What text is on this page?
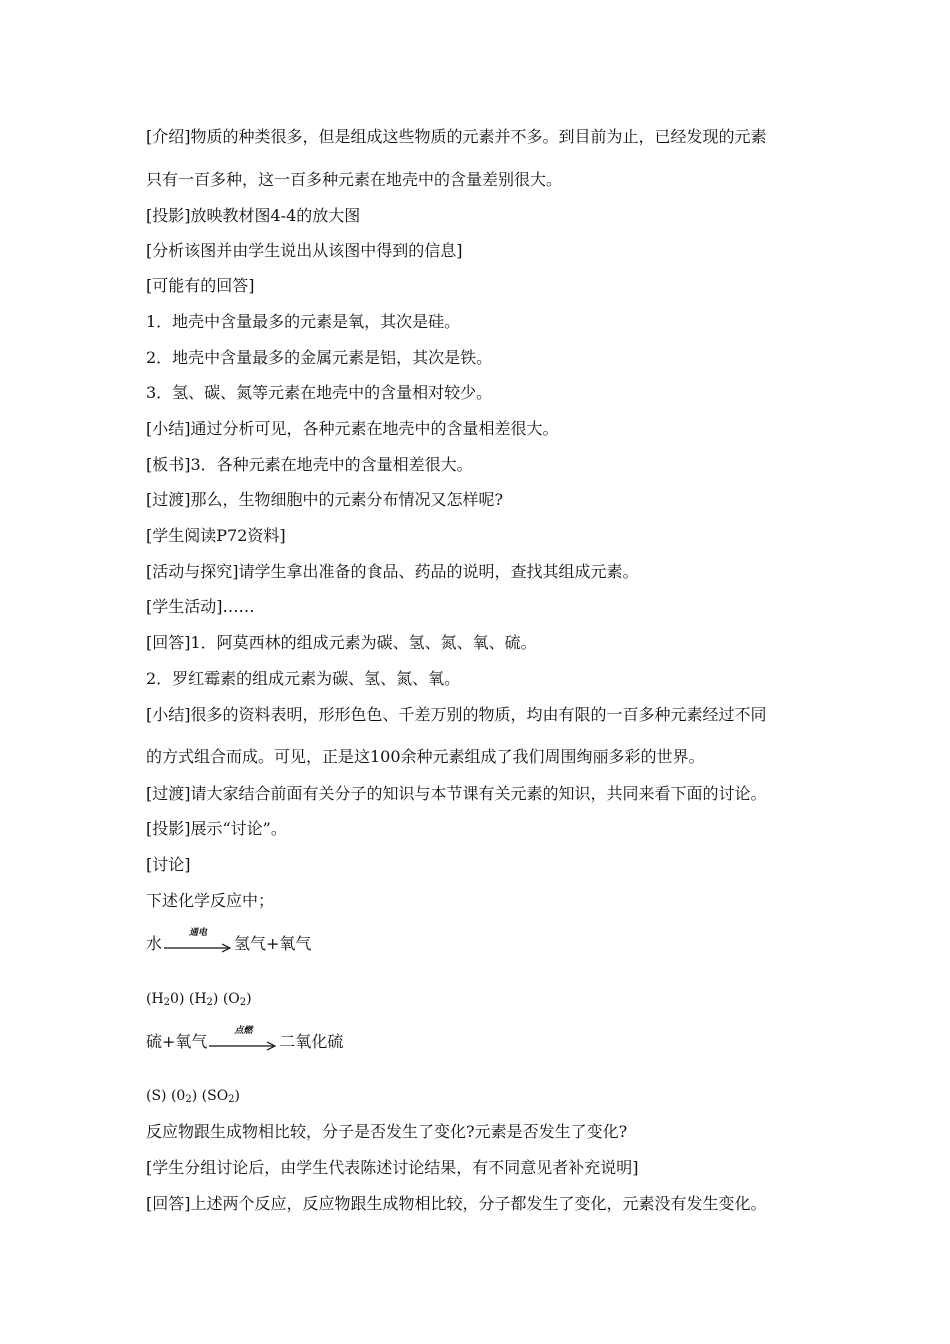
[介绍]物质的种类很多，但是组成这些物质的元素并不多。到目前为止，已经发现的元素
只有一百多种，这一百多种元素在地壳中的含量差别很大。
[投影]放映教材图4-4的放大图
[分析该图并由学生说出从该图中得到的信息]
[可能有的回答]
1．地壳中含量最多的元素是氧，其次是硅。
2．地壳中含量最多的金属元素是铝，其次是铁。
3．氢、碳、氮等元素在地壳中的含量相对较少。
[小结]通过分析可见，各种元素在地壳中的含量相差很大。
[板书]3．各种元素在地壳中的含量相差很大。
[过渡]那么，生物细胞中的元素分布情况又怎样呢?
[学生阅读P72资料]
[活动与探究]请学生拿出准备的食品、药品的说明，查找其组成元素。
[学生活动]……
[回答]1．阿莫西林的组成元素为碳、氢、氮、氧、硫。
2．罗红霉素的组成元素为碳、氢、氮、氧。
[小结]很多的资料表明，形形色色、千差万别的物质，均由有限的一百多种元素经过不同
的方式组合而成。可见，正是这100余种元素组成了我们周围绚丽多彩的世界。
[过渡]请大家结合前面有关分子的知识与本节课有关元素的知识，共同来看下面的讨论。
[投影]展示“讨论”。
[讨论]
下述化学反应中；
水
通电
氢气+氧气
$(H_20)$ $(H_2)$ $(O_2)$
硫+氧气
点燃
二氧化硫
(S) $(0_2)$ $(SO_2)$
反应物跟生成物相比较，分子是否发生了变化?元素是否发生了变化?
[学生分组讨论后，由学生代表陈述讨论结果，有不同意见者补充说明]
[回答]上述两个反应，反应物跟生成物相比较，分子都发生了变化，元素没有发生变化。
